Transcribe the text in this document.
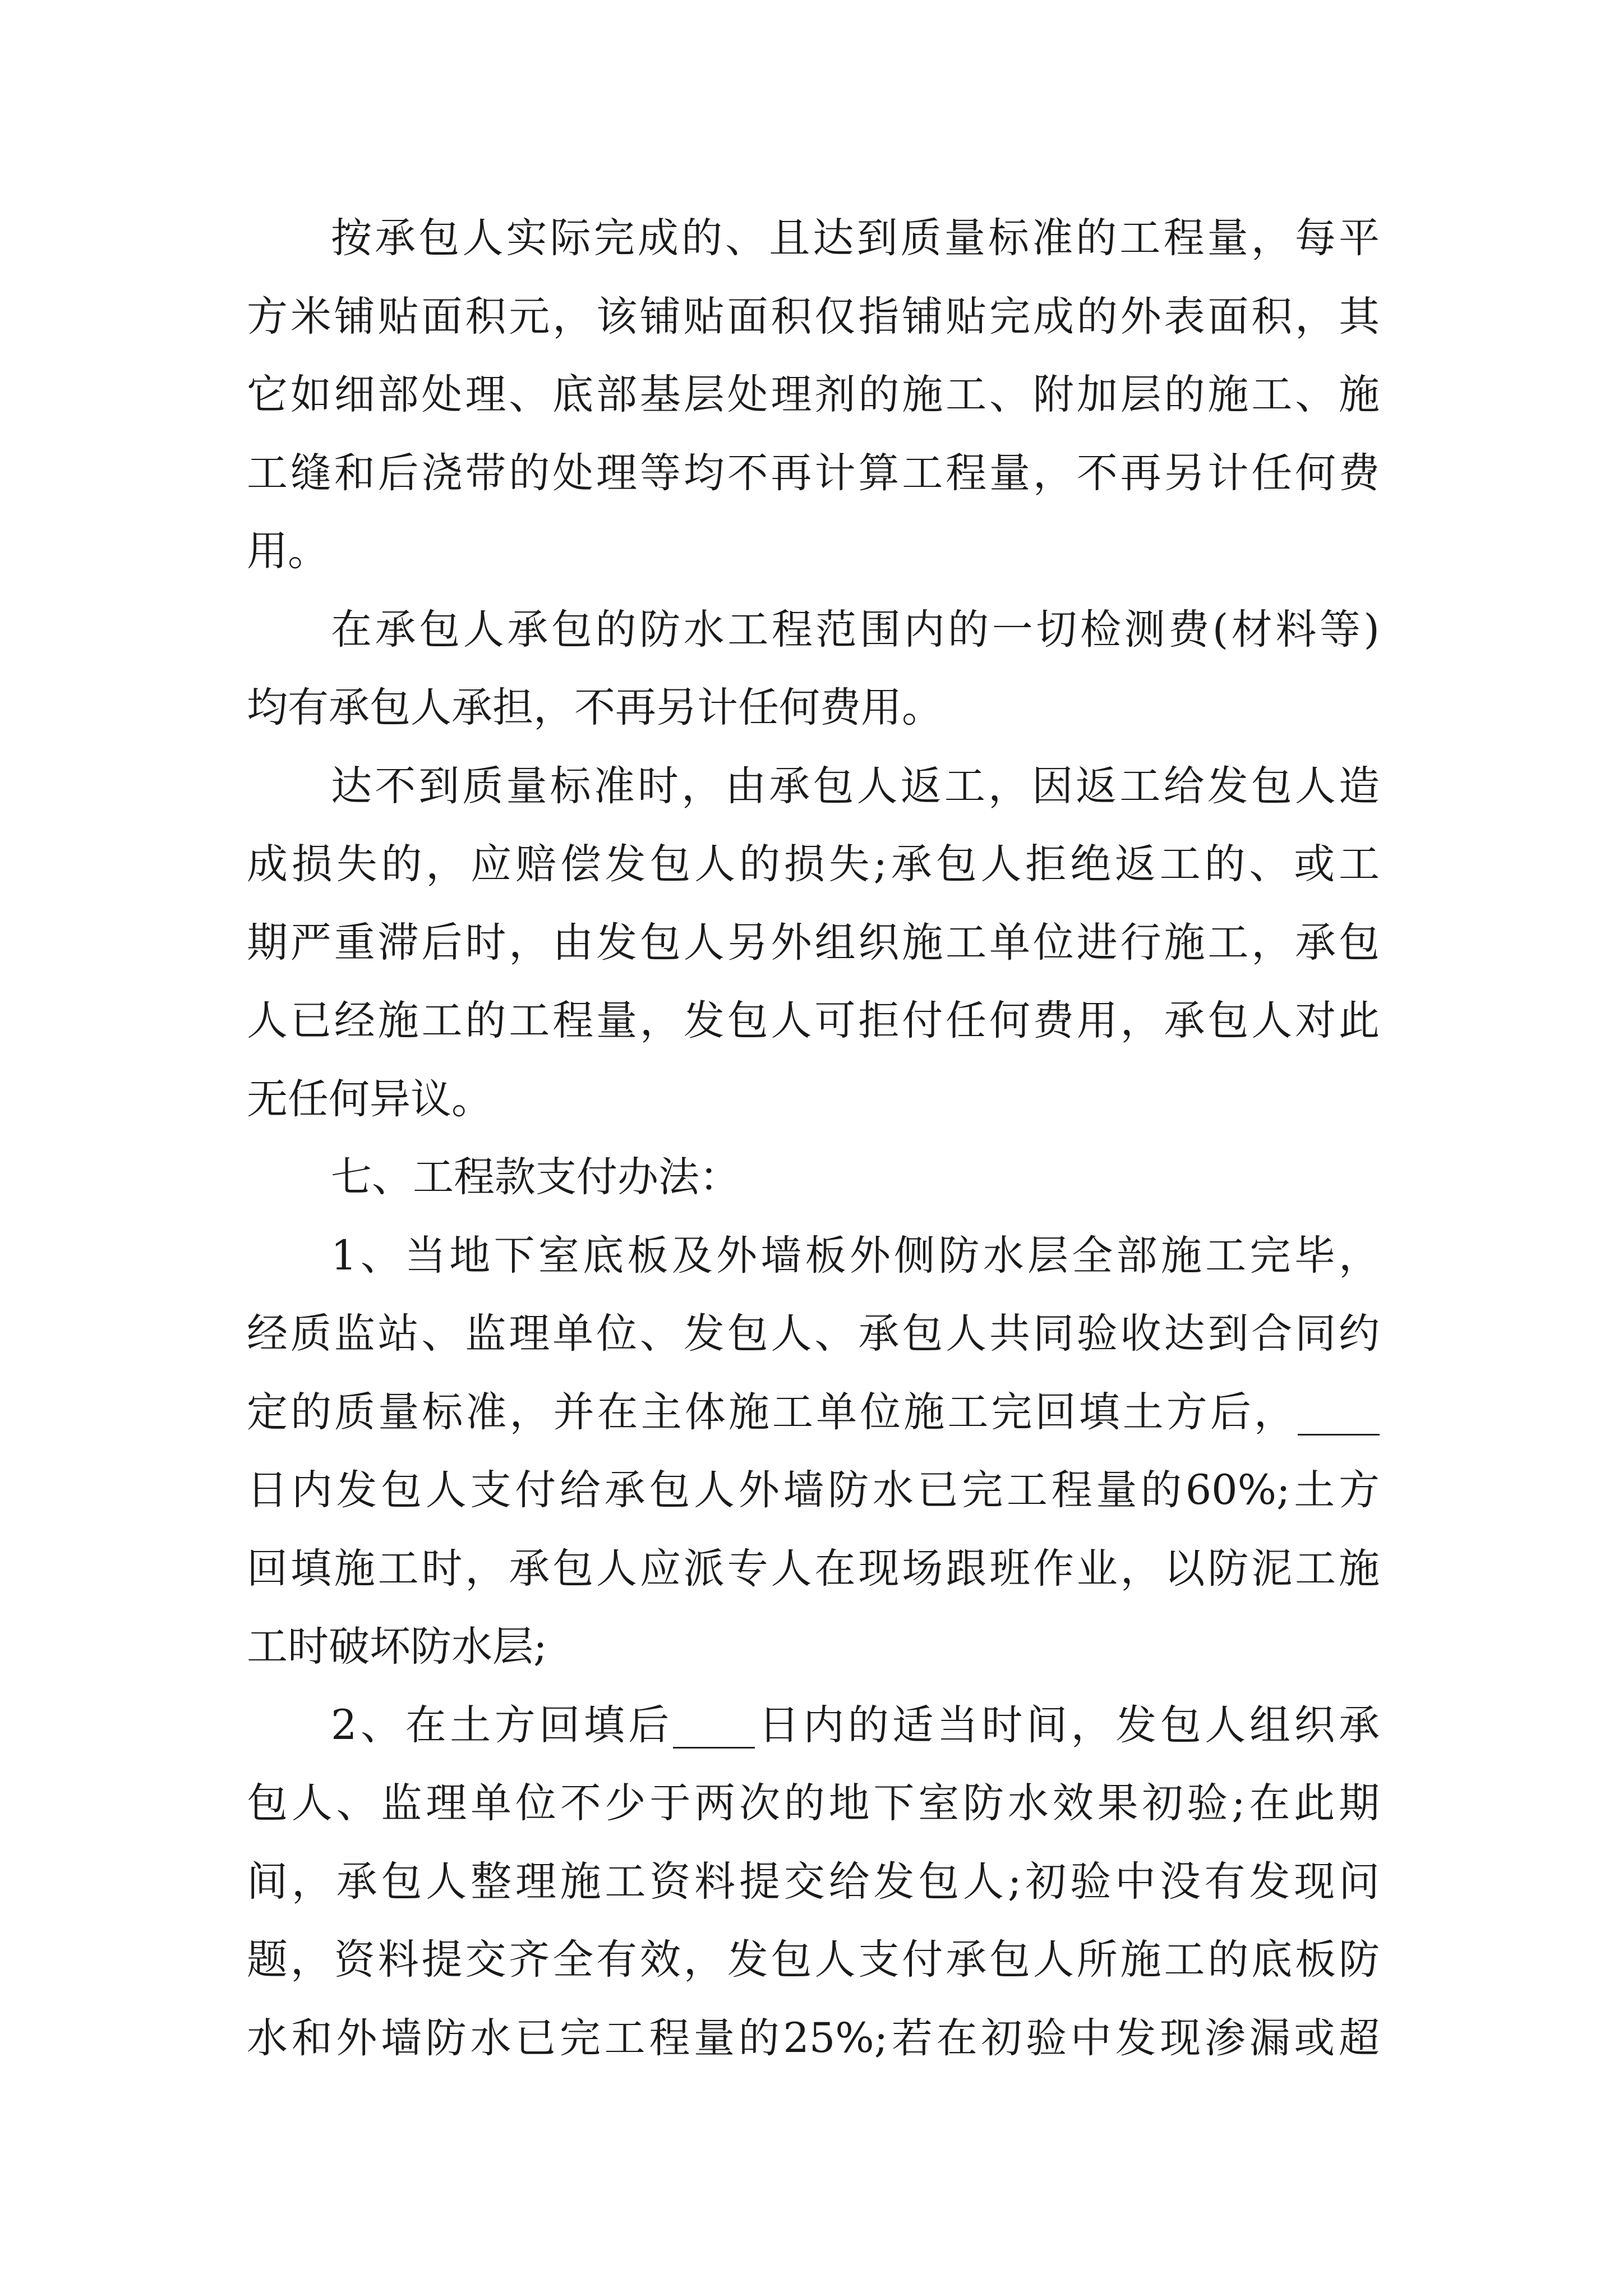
按承包人实际完成的、且达到质量标准的工程量，每平
方米铺贴面积元，该铺贴面积仅指铺贴完成的外表面积，其
它如细部处理、底部基层处理剂的施工、附加层的施工、施
工缝和后浇带的处理等均不再计算工程量，不再另计任何费
用。
在承包人承包的防水工程范围内的一切检测费(材料等)
均有承包人承担，不再另计任何费用。
达不到质量标准时，由承包人返工，因返工给发包人造
成损失的，应赔偿发包人的损失;承包人拒绝返工的、或工
期严重滞后时，由发包人另外组织施工单位进行施工，承包
人已经施工的工程量，发包人可拒付任何费用，承包人对此
无任何异议。
七、工程款支付办法：
1、当地下室底板及外墙板外侧防水层全部施工完毕，
经质监站、监理单位、发包人、承包人共同验收达到合同约
定的质量标准，并在主体施工单位施工完回填土方后，____
日内发包人支付给承包人外墙防水已完工程量的60%;土方
回填施工时，承包人应派专人在现场跟班作业，以防泥工施
工时破坏防水层;
2、在土方回填后____日内的适当时间，发包人组织承
包人、监理单位不少于两次的地下室防水效果初验;在此期
间，承包人整理施工资料提交给发包人;初验中没有发现问
题，资料提交齐全有效，发包人支付承包人所施工的底板防
水和外墙防水已完工程量的25%;若在初验中发现渗漏或超
